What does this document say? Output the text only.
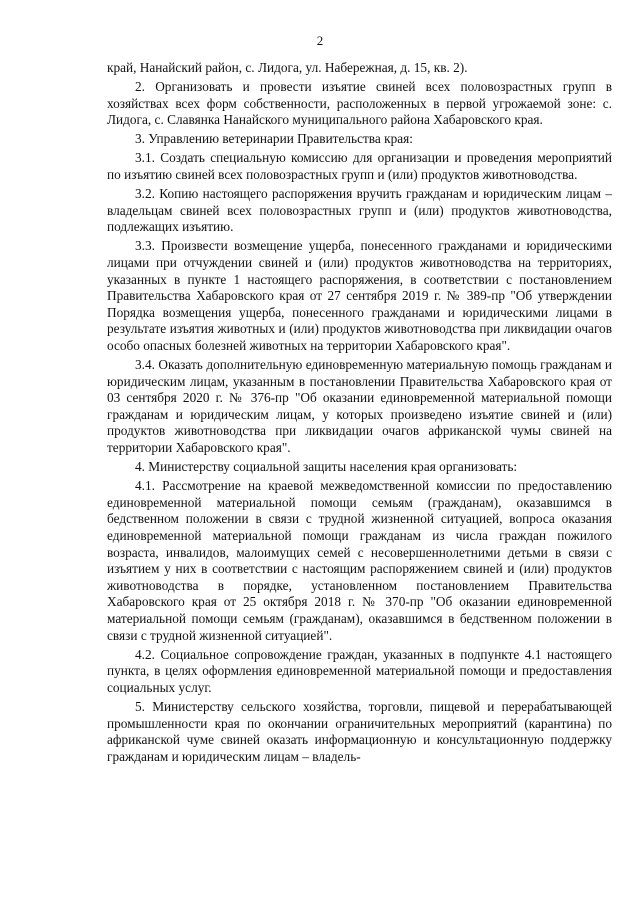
2

край, Нанайский район, с. Лидога, ул. Набережная, д. 15, кв. 2).

2. Организовать и провести изъятие свиней всех половозрастных групп в хозяйствах всех форм собственности, расположенных в первой угрожаемой зоне: с. Лидога, с. Славянка Нанайского муниципального района Хабаровского края.

3. Управлению ветеринарии Правительства края:

3.1. Создать специальную комиссию для организации и проведения мероприятий по изъятию свиней всех половозрастных групп и (или) продуктов животноводства.

3.2. Копию настоящего распоряжения вручить гражданам и юридическим лицам – владельцам свиней всех половозрастных групп и (или) продуктов животноводства, подлежащих изъятию.

3.3. Произвести возмещение ущерба, понесенного гражданами и юридическими лицами при отчуждении свиней и (или) продуктов животноводства на территориях, указанных в пункте 1 настоящего распоряжения, в соответствии с постановлением Правительства Хабаровского края от 27 сентября 2019 г. № 389-пр "Об утверждении Порядка возмещения ущерба, понесенного гражданами и юридическими лицами в результате изъятия животных и (или) продуктов животноводства при ликвидации очагов особо опасных болезней животных на территории Хабаровского края".

3.4. Оказать дополнительную единовременную материальную помощь гражданам и юридическим лицам, указанным в постановлении Правительства Хабаровского края от 03 сентября 2020 г. № 376-пр "Об оказании единовременной материальной помощи гражданам и юридическим лицам, у которых произведено изъятие свиней и (или) продуктов животноводства при ликвидации очагов африканской чумы свиней на территории Хабаровского края".

4. Министерству социальной защиты населения края организовать:

4.1. Рассмотрение на краевой межведомственной комиссии по предоставлению единовременной материальной помощи семьям (гражданам), оказавшимся в бедственном положении в связи с трудной жизненной ситуацией, вопроса оказания единовременной материальной помощи гражданам из числа граждан пожилого возраста, инвалидов, малоимущих семей с несовершеннолетними детьми в связи с изъятием у них в соответствии с настоящим распоряжением свиней и (или) продуктов животноводства в порядке, установленном постановлением Правительства Хабаровского края от 25 октября 2018 г. № 370-пр "Об оказании единовременной материальной помощи семьям (гражданам), оказавшимся в бедственном положении в связи с трудной жизненной ситуацией".

4.2. Социальное сопровождение граждан, указанных в подпункте 4.1 настоящего пункта, в целях оформления единовременной материальной помощи и предоставления социальных услуг.

5. Министерству сельского хозяйства, торговли, пищевой и перерабатывающей промышленности края по окончании ограничительных мероприятий (карантина) по африканской чуме свиней оказать информационную и консультационную поддержку гражданам и юридическим лицам – владель-
